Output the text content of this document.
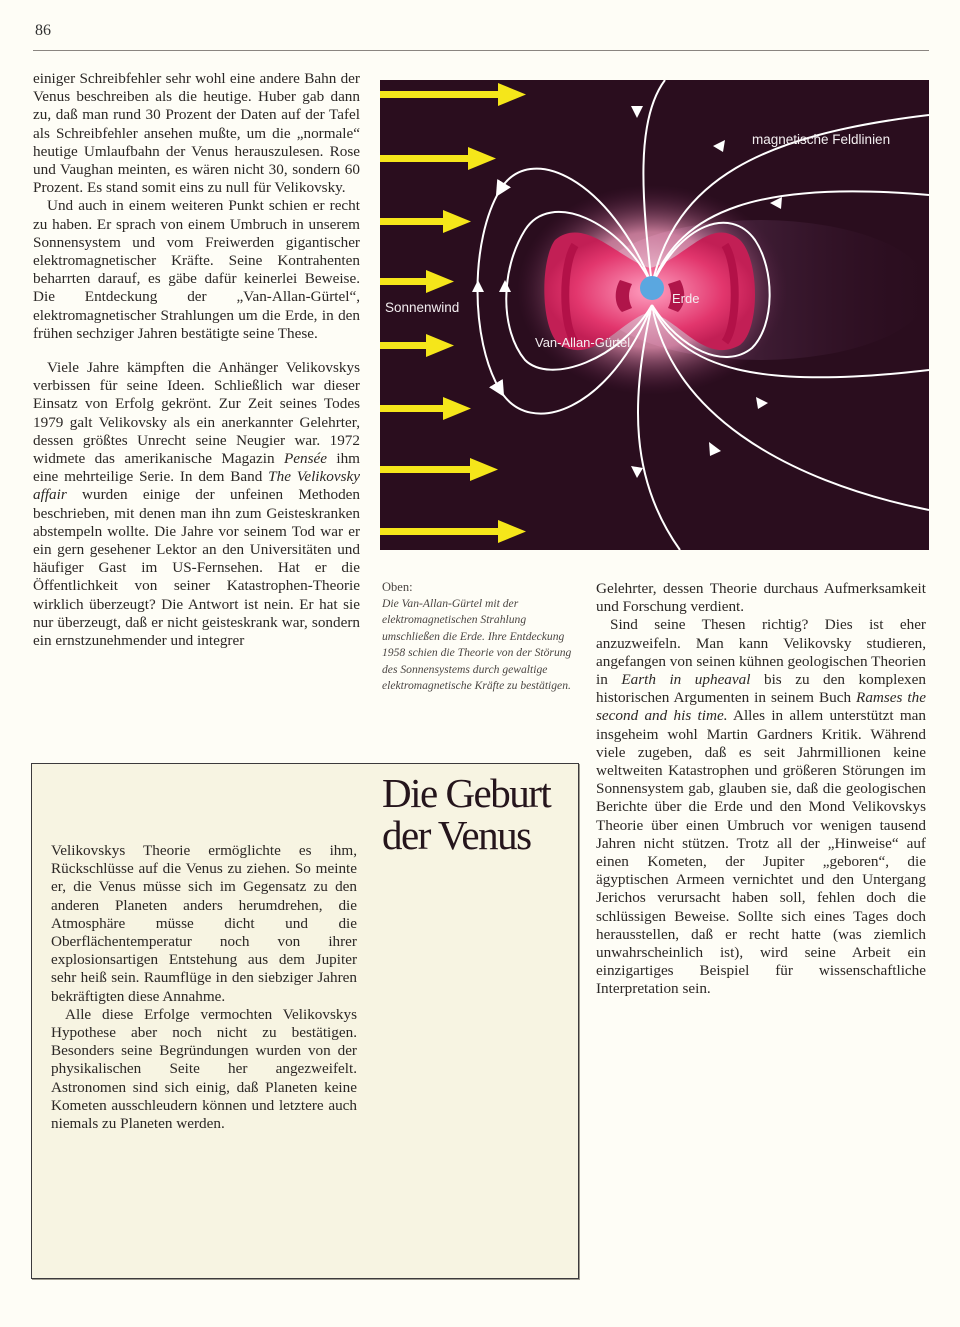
86

einiger Schreibfehler sehr wohl eine andere Bahn der Venus beschreiben als die heutige. Huber gab dann zu, daß man rund 30 Prozent der Daten auf der Tafel als Schreibfehler ansehen mußte, um die „normale“ heutige Umlaufbahn der Venus herauszulesen. Rose und Vaughan meinten, es wären nicht 30, sondern 60 Prozent. Es stand somit eins zu null für Velikovsky.

Und auch in einem weiteren Punkt schien er recht zu haben. Er sprach von einem Umbruch in unserem Sonnensystem und vom Freiwerden gigantischer elektromagnetischer Kräfte. Seine Kontrahenten beharrten darauf, es gäbe dafür keinerlei Beweise. Die Entdeckung der „Van-Allan-Gürtel“, elektromagnetischer Strahlungen um die Erde, in den frühen sechziger Jahren bestätigte seine These.

Viele Jahre kämpften die Anhänger Velikovskys verbissen für seine Ideen. Schließlich war dieser Einsatz von Erfolg gekrönt. Zur Zeit seines Todes 1979 galt Velikovsky als ein anerkannter Gelehrter, dessen größtes Unrecht seine Neugier war. 1972 widmete das amerikanische Magazin Pensée ihm eine mehrteilige Serie. In dem Band The Velikovsky affair wurden einige der unfeinen Methoden beschrieben, mit denen man ihn zum Geisteskranken abstempeln wollte. Die Jahre vor seinem Tod war er ein gern gesehener Lektor an den Universitäten und häufiger Gast im US-Fernsehen. Hat er die Öffentlichkeit von seiner Katastrophen-Theorie wirklich überzeugt? Die Antwort ist nein. Er hat sie nur überzeugt, daß er nicht geisteskrank war, sondern ein ernstzunehmender und integrer

magnetische Feldlinien
Sonnenwind
Erde
Van-Allan-Gürtel
Oben:
Die Van-Allan-Gürtel mit der elektromagnetischen Strahlung umschließen die Erde. Ihre Entdeckung 1958 schien die Theorie von der Störung des Sonnensystems durch gewaltige elektromagnetische Kräfte zu bestätigen.

Gelehrter, dessen Theorie durchaus Aufmerksamkeit und Forschung verdient.

Sind seine Thesen richtig? Dies ist eher anzuzweifeln. Man kann Velikovsky studieren, angefangen von seinen kühnen geologischen Theorien in Earth in upheaval bis zu den komplexen historischen Argumenten in seinem Buch Ramses the second and his time. Alles in allem unterstützt man insgeheim wohl Martin Gardners Kritik. Während viele zugeben, daß es seit Jahrmillionen keine weltweiten Katastrophen und größeren Störungen im Sonnensystem gab, glauben sie, daß die geologischen Berichte über die Erde und den Mond Velikovskys Theorie über einen Umbruch vor wenigen tausend Jahren nicht stützen. Trotz all der „Hinweise“ auf einen Kometen, der Jupiter „geboren“, die ägyptischen Armeen vernichtet und den Untergang Jerichos verursacht haben soll, fehlen doch die schlüssigen Beweise. Sollte sich eines Tages doch herausstellen, daß er recht hatte (was ziemlich unwahrscheinlich ist), wird seine Arbeit ein einzigartiges Beispiel für wissenschaftliche Interpretation sein.

Die Geburt
der Venus

Velikovskys Theorie ermöglichte es ihm, Rückschlüsse auf die Venus zu ziehen. So meinte er, die Venus müsse sich im Gegensatz zu den anderen Planeten anders herumdrehen, die Atmosphäre müsse dicht und die Oberflächentemperatur noch von ihrer explosionsartigen Entstehung aus dem Jupiter sehr heiß sein. Raumflüge in den siebziger Jahren bekräftigten diese Annahme.

Alle diese Erfolge vermochten Velikovskys Hypothese aber noch nicht zu bestätigen. Besonders seine Begründungen wurden von der physikalischen Seite her angezweifelt. Astronomen sind sich einig, daß Planeten keine Kometen ausschleudern können und letztere auch niemals zu Planeten werden.
